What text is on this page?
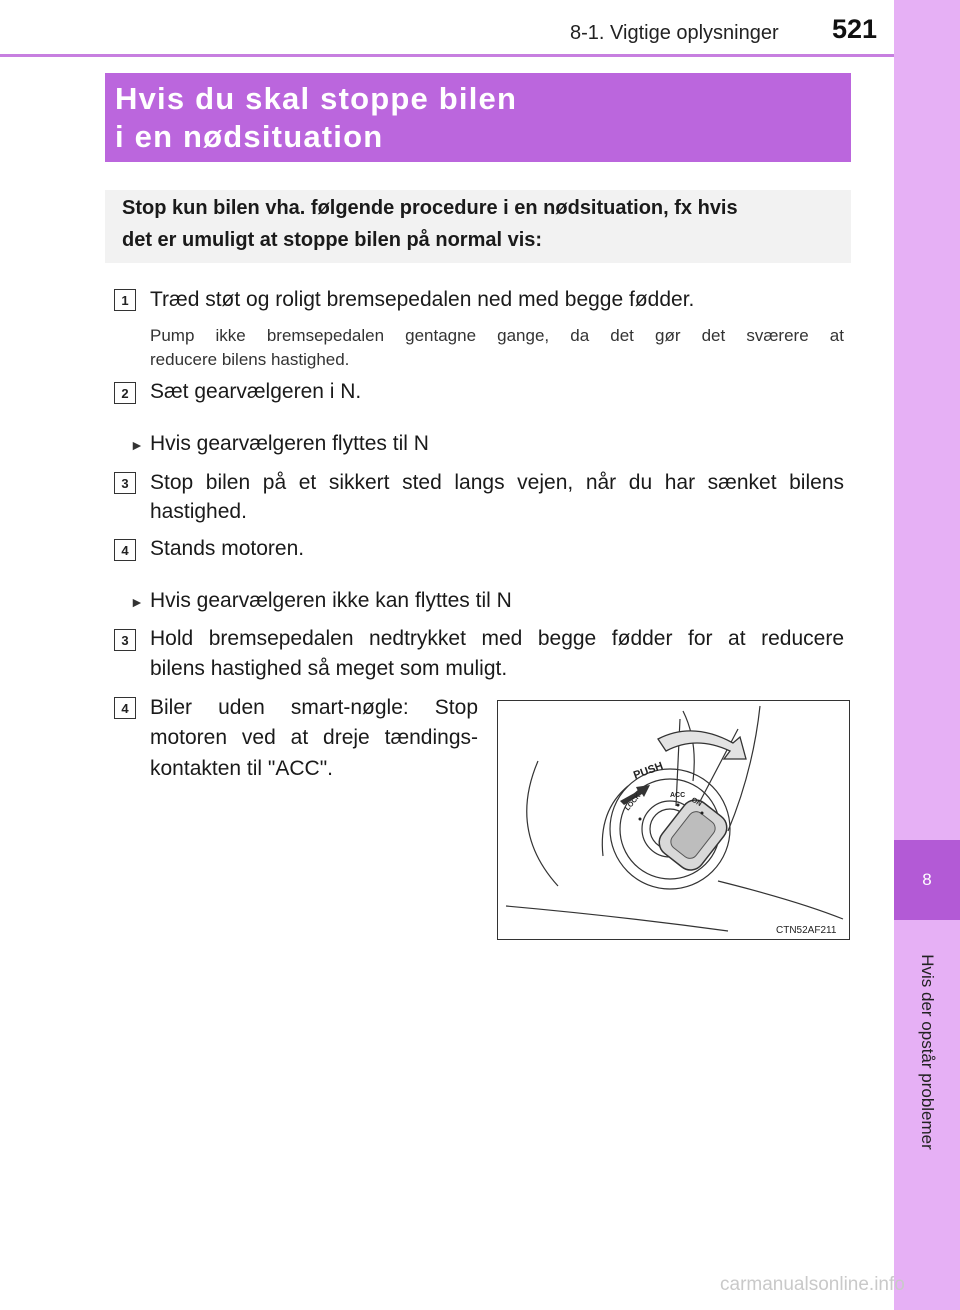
8-1. Vigtige oplysninger 521
8
Hvis der opstår problemer
Hvis du skal stoppe bilen
i en nødsituation
Stop kun bilen vha. følgende procedure i en nødsituation, fx hvis
det er umuligt at stoppe bilen på normal vis:
1	Træd støt og roligt bremsepedalen ned med begge fødder.
Pump ikke bremsepedalen gentagne gange, da det gør det sværere at
reducere bilens hastighed.
2	Sæt gearvælgeren i N.
► Hvis gearvælgeren flyttes til N
3	Stop bilen på et sikkert sted langs vejen, når du har sænket bilens
hastighed.
4	Stands motoren.
► Hvis gearvælgeren ikke kan flyttes til N
3	Hold bremsepedalen nedtrykket med begge fødder for at reducere
bilens hastighed så meget som muligt.
4	Biler uden smart-nøgle: Stop
motoren ved at dreje tændings-
kontakten til "ACC".	PUSH
LOCK	ACC
ON
CTN52AF211
carmanualsonline.info
